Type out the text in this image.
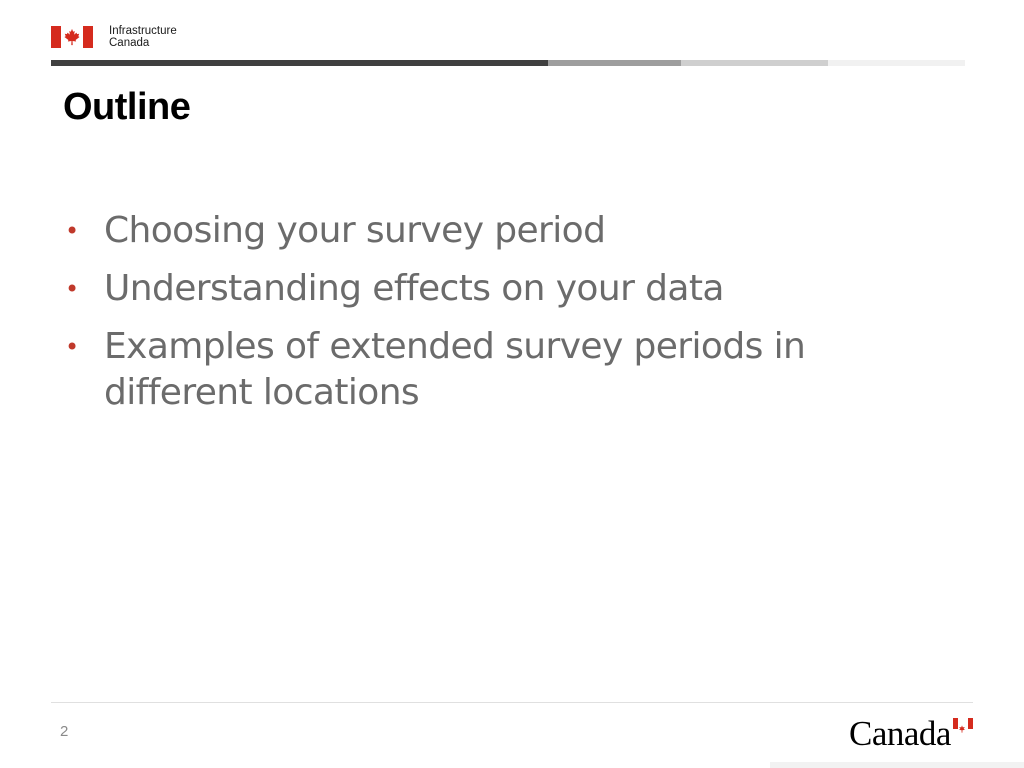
Infrastructure
Canada
Outline
• Choosing your survey period
• Understanding effects on your data
• Examples of extended survey periods in different locations
2	Canada
